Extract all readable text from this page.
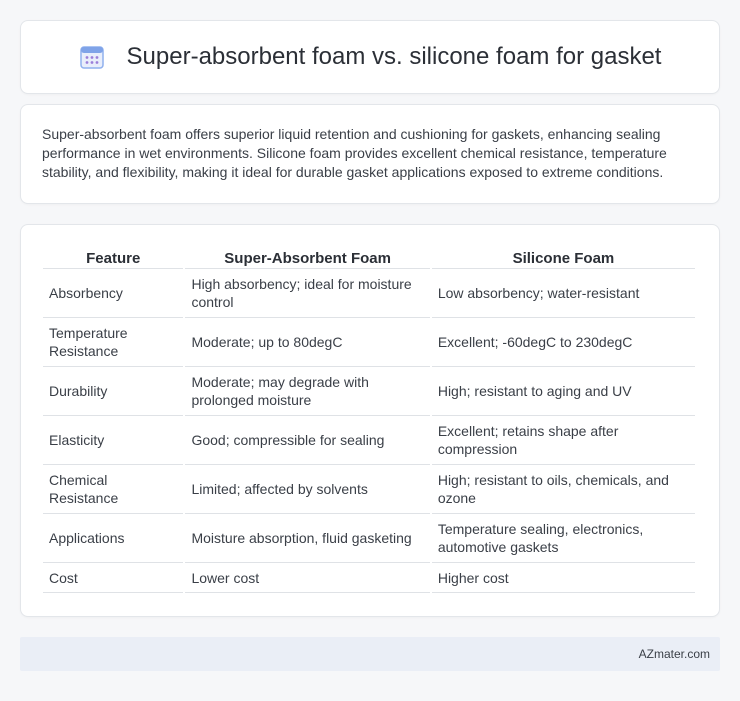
Super-absorbent foam vs. silicone foam for gasket

Super-absorbent foam offers superior liquid retention and cushioning for gaskets, enhancing sealing performance in wet environments. Silicone foam provides excellent chemical resistance, temperature stability, and flexibility, making it ideal for durable gasket applications exposed to extreme conditions.

Feature	Super-Absorbent Foam	Silicone Foam
Absorbency	High absorbency; ideal for moisture control	Low absorbency; water-resistant
Temperature Resistance	Moderate; up to 80degC	Excellent; -60degC to 230degC
Durability	Moderate; may degrade with prolonged moisture	High; resistant to aging and UV
Elasticity	Good; compressible for sealing	Excellent; retains shape after compression
Chemical Resistance	Limited; affected by solvents	High; resistant to oils, chemicals, and ozone
Applications	Moisture absorption, fluid gasketing	Temperature sealing, electronics, automotive gaskets
Cost	Lower cost	Higher cost
AZmater.com
